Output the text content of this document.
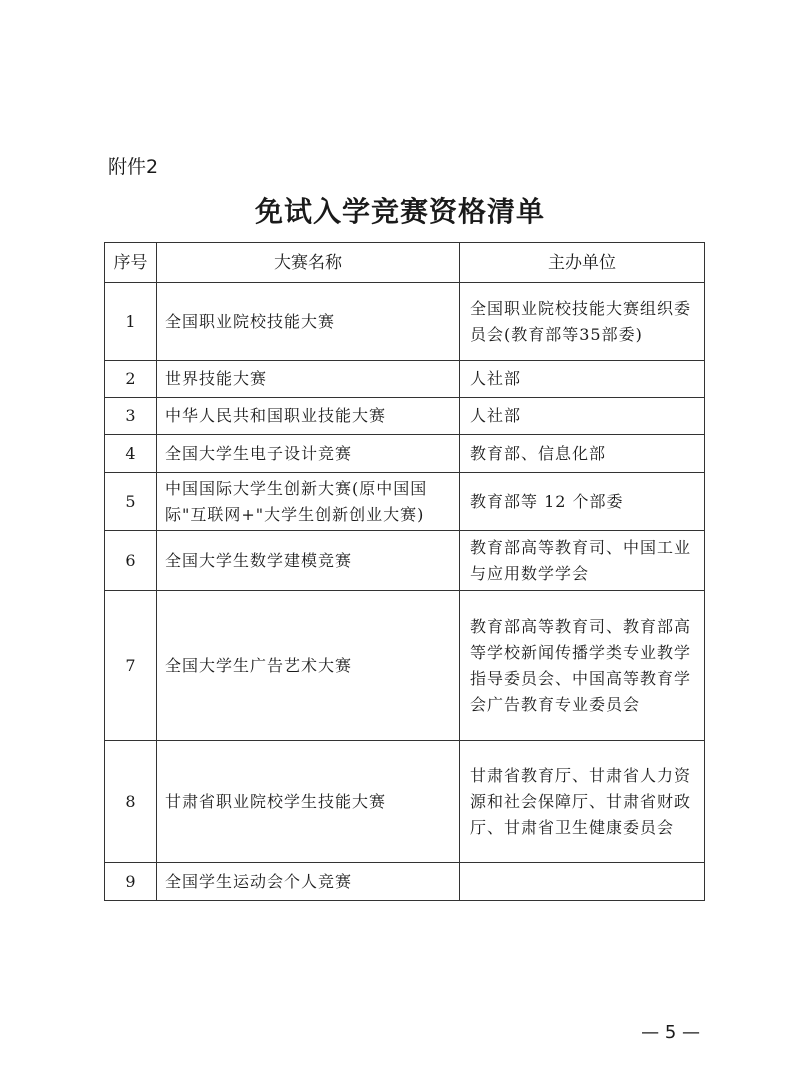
附件2
免试入学竞赛资格清单
序号	大赛名称	主办单位
1	全国职业院校技能大赛	全国职业院校技能大赛组织委员会(教育部等35部委)
2	世界技能大赛	人社部
3	中华人民共和国职业技能大赛	人社部
4	全国大学生电子设计竞赛	教育部、信息化部
5	中国国际大学生创新大赛(原中国国际"互联网+"大学生创新创业大赛)	教育部等 12 个部委
6	全国大学生数学建模竞赛	教育部高等教育司、中国工业与应用数学学会
7	全国大学生广告艺术大赛	教育部高等教育司、教育部高等学校新闻传播学类专业教学指导委员会、中国高等教育学会广告教育专业委员会
8	甘肃省职业院校学生技能大赛	甘肃省教育厅、甘肃省人力资源和社会保障厅、甘肃省财政厅、甘肃省卫生健康委员会
9	全国学生运动会个人竞赛	
— 5 —
